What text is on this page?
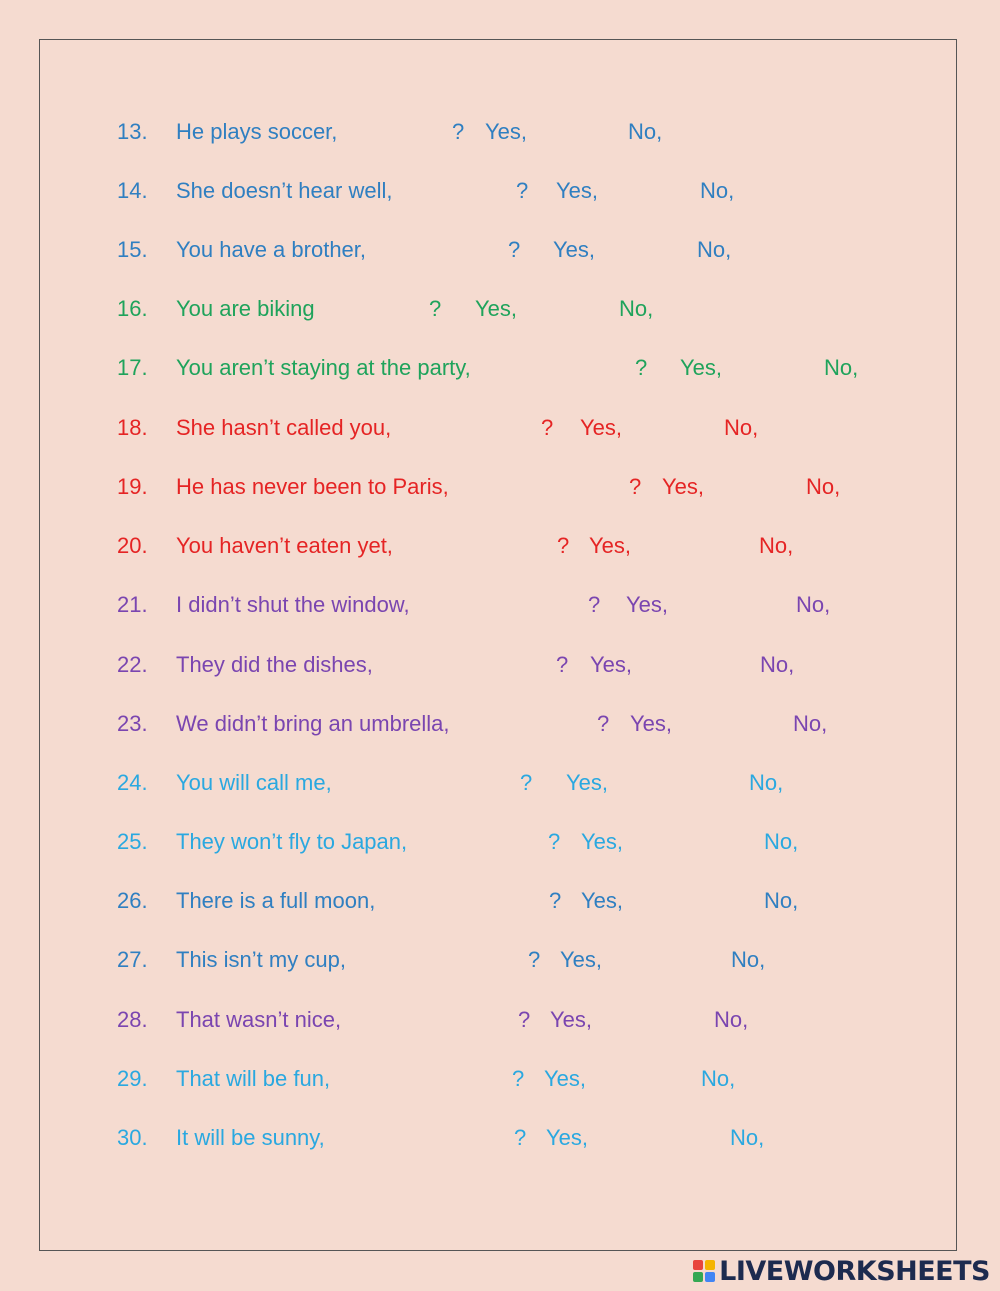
13. He plays soccer,	? Yes,	No,
14. She doesn’t hear well,	? Yes,	No,
15. You have a brother,	? Yes,	No,
16. You are biking	? Yes,	No,
17. You aren’t staying at the party,	? Yes,	No,
18. She hasn’t called you,	? Yes,	No,
19. He has never been to Paris,	? Yes,	No,
20. You haven’t eaten yet,	? Yes,	No,
21. I didn’t shut the window,	? Yes,	No,
22. They did the dishes,	? Yes,	No,
23. We didn’t bring an umbrella,	? Yes,	No,
24. You will call me,	? Yes,	No,
25. They won’t fly to Japan,	? Yes,	No,
26. There is a full moon,	? Yes,	No,
27. This isn’t my cup,	? Yes,	No,
28. That wasn’t nice,	? Yes,	No,
29. That will be fun,	? Yes,	No,
30. It will be sunny,	? Yes,	No,
LIVEWORKSHEETS
